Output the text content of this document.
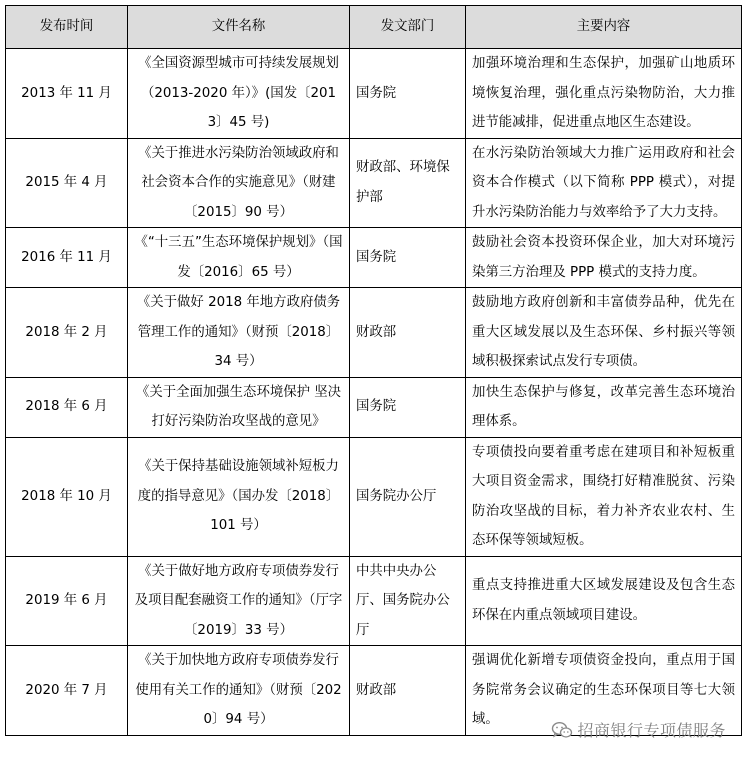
发布时间	文件名称	发文部门	主要内容
2013 年 11 月	《全国资源型城市可持续发展规划（2013-2020 年）》(国发〔2013〕45 号)	国务院	加强环境治理和生态保护，加强矿山地质环境恢复治理，强化重点污染物防治，大力推进节能减排，促进重点地区生态建设。
2015 年 4 月	《关于推进水污染防治领域政府和社会资本合作的实施意见》（财建〔2015〕90 号）	财政部、环境保护部	在水污染防治领域大力推广运用政府和社会资本合作模式（以下简称 PPP 模式），对提升水污染防治能力与效率给予了大力支持。
2016 年 11 月	《“十三五”生态环境保护规划》（国发〔2016〕65 号）	国务院	鼓励社会资本投资环保企业，加大对环境污染第三方治理及 PPP 模式的支持力度。
2018 年 2 月	《关于做好 2018 年地方政府债务管理工作的通知》（财预〔2018〕34 号）	财政部	鼓励地方政府创新和丰富债券品种，优先在重大区域发展以及生态环保、乡村振兴等领域积极探索试点发行专项债。
2018 年 6 月	《关于全面加强生态环境保护 坚决打好污染防治攻坚战的意见》	国务院	加快生态保护与修复，改革完善生态环境治理体系。
2018 年 10 月	《关于保持基础设施领域补短板力度的指导意见》（国办发〔2018〕101 号）	国务院办公厅	专项债投向要着重考虑在建项目和补短板重大项目资金需求，围绕打好精准脱贫、污染防治攻坚战的目标，着力补齐农业农村、生态环保等领域短板。
2019 年 6 月	《关于做好地方政府专项债券发行及项目配套融资工作的通知》（厅字〔2019〕33 号）	中共中央办公厅、国务院办公厅	重点支持推进重大区域发展建设及包含生态环保在内重点领域项目建设。
2020 年 7 月	《关于加快地方政府专项债券发行使用有关工作的通知》（财预〔2020〕94 号）	财政部	强调优化新增专项债资金投向，重点用于国务院常务会议确定的生态环保项目等七大领域。
招商银行专项债服务
